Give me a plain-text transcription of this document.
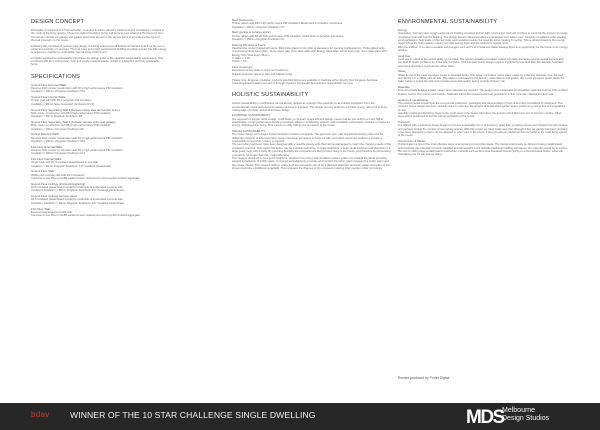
DESIGN CONCEPT

Orientation is paramount. A 'thermal buffer' of service functions (laundry, bathrooms and circulation) is located to the south of the living spaces. These two distinct functions (living and services) are what give the house its form. The tandem double car garage and garden shed wrap around to the service spine to provide another type of thermal protection to the house.

Following the principles of passive solar design, the living spaces and all bedrooms harness heat from the sun in winter and exclude it in summer. Thermal mass and a high performance building envelope ensure that little energy is required to maintain a comfortable internal living environment.

A holistic approach to sustainability has driven the design (refer to the separate sustainability explanation). This, combined with the contemporary form and simple material palette, results in a beautiful and truly sustainable home.

SPECIFICATIONS

Ground Floor External Walls:

Reverse brick veneer construction with R7.2 high performance PIR insulation.

Insulation = 100mm Kingspan Kooltherm K12.

Ground Floor Internal Walls:

Timber stud wall with R1.0 polyester batt insulation

Insulation = 90mm Autex Greenstuf (Ambience R1.5).

Ground Floor Separating Wall 1 (between living area and service spine):

Brick cavity construction with R8.6 high performance PIR insulation.

Insulation = 80mm Kingspan Kooltherm K8.

Ground Floor Separating Wall 2 (between service spine and garage):

Brick cavity construction with R5.0 high performance PIR insulation.

Insulation = 100mm Kingspan Kooltherm K8.

Garage External Walls:

Reverse brick veneer construction with R7.2 high performance PIR insulation.

Insulation = 100mm Kingspan Kooltherm K12.

First Floor External Walls:

Reverse brick veneer construction with R7.2 high performance PIR insulation.

Insulation = 100mm Kingspan Kooltherm K12.

First Floor Internal Walls:

Single brick with R1.5 insulated plasterboard to one side.

Insulation = 30mm Kingspan Kooltherm K17 insulated plasterboard.

Ground Floor Slab:

Waffle pod concrete slab with R1.0 insulation.

Concrete to use PFA or GGBS partial cement replacement and recycled crushed aggregate.

Ground Floor Ceilings (kitchen/dining/living):

R3.5 insulated plasterboard bonded to underside of suspended concrete slab.

Insulation: Insulation = 80mm Kingspan Kooltherm K17 insulated plasterboard.

Ground Floor Ceilings (service spine):

R1.5 insulated plasterboard bonded to underside of suspended concrete slab.

Insulation: Insulation = 30mm Kingspan Kooltherm K17 insulated plasterboard.

First Floor Slab:

Exposed suspended concrete slab.

Concrete to use PFA or GGBS partial cement replacement and recycled crushed aggregate.

Roof (bedrooms):

Timber rafters with R8.2 high performance PIR insulation. Metal deck on breather membrane.

Insulation = 160mm Kingspan Kooltherm K7.

Roof (garage & services spine):

Timber rafters with R6.20 high performance PIR insulation. Metal deck on breather membrane.

Insulation = 150mm Kingspan Kooltherm K7.

External Windows & Doors:

Paarhammer timber framed with argon filled triple glazed units (refer to elevations for opening configurations). Triple glazed units comprised of 4mm clear glass, 12mm argon gap, 4mm clear glass with Energy Advantage 12mm argon gap, 4mm clear glass with Energy 500 (Total depth 36mm).

U-Value = 1.01

SHGC = 0.6

Floor Coverings:

Exposed concrete slabs to living and bedrooms.

Natural wool loop carpet to stair and hallway (only).

Please note: Kingspan insulation products specified above are available in Australia either directly from Kingspan Australia (www.kingspaninsulation.com.au) or through Dynamic Composite Technologies (www.dctech.com.au).

HOLISTIC SUSTAINABILITY

Holistic sustainability in architecture can be loosely defined as a design that responds to, and draws inspiration from, the environmental, social and economic factors inherent in a project. This design not only achieves a 10 Star energy rating but is at the cutting edge of holistic sustainable house design.

ECONOMIC SUSTAINABILITY

Our approach is simple: build smaller - build better. A compact, space efficient design means that we can build to a much higher specification. A high performance building envelope, efficient conditioning systems and renewable technologies combine to create an energy neutral/positive home. This means no utility bills for the occupants of the house.

SOCIAL SUSTAINABILITY

The house design encourages social interaction between occupants. The generous open plan living/kitchen/dining area and the deliberate omission of a second living space encourage occupants to hang out with each other. Generous bedrooms provide a comfortable retreat when privacy is required.

The secondary bedrooms have been designed with moveable joinery units that can be rearranged to match the changing needs of the occupants overtime. This means the space can be 2 double bedrooms, 3 single bedrooms, a large single bedroom and playroom or a large guest room with a study. By providing flexibility the occupants are likely to keep living in the house, and therefore its surrounding community, for longer than they might otherwise.

The house is designed to be a good neighbour. Windows from living and circulation spaces spawn out towards the street providing passive surveillance of public space. A covered verandah/entry provides an important transition space between the public realm and the private interior. This covered outdoor space is where occupants can sit on a pleasant afternoon and seek social connection to the street (much like a traditional verandah). This increases the chances of the occupants creating other people in their community.

ENVIRONMENTAL SUSTAINABILITY

Energy:

Orientation, thermal mass, a high performance building envelope and air tight construction methods combine to minimise the amount of energy required to heat and cool the building. The design favours natural conditioning strategies over active ones. Carefully considered solar shading, cross-ventilation, high levels of thermal mass and insulation reduce the need for active heating & cooling. This is demonstrated in the energy report where the living spaces require very little energy input and the bedrooms require none.

With the addition of on-site renewable technologies such as PV and Solar Hot Water Heating there is an opportunity for the house to be energy positive.

Land Use:

Land use is critical to the sustainability of our cities. The typical sprawling Australian suburb can have damaging environmental impacts and can lead to health problems for those who live there. This compact house design requires significantly less land than the average Australian new home allowing a much denser urban fabric.

Water:

Water is one of the most important issues in Australia today. This design minimises mains water usage by collecting rainwater from the roof and storing it in a 3900L tank on site. This water is reticulated to the laundry, toilet cisterns and garden tap. A roof top eaves gutter clears the water before it enters the tank and provides some attenuation during periods of heavy rain.

Materials:

Environmentally building smaller means less materials are required. The design uses sustainable and healthier materials such as FSC certified timbers, low/no VOC paints and finishes. Materials will be left exposed wherever possible to further minimise material use and cost.

Gardens & Landscaping:

The environmental impact from the commercial production, packaging and transportation of food is not often considered by designers. This compact house design has been carefully sited to maximise the amount of undisturbed garden space perfect for growing fruit and vegetables on site.

Carefully positioned deciduous trees to the south-west of the house will reduce the amount of hot afternoon sun in summer months. Other trees will be positioned to aid the natural ventilation of the house.

Transport:

It is difficult with a suburban house design to promote sustainable forms of transport, other than providing secure and sheltered bicycle storage, and perhaps limiting the number of car parking spaces. With this project we have made sure that although a two car garage has been provided it has been designed so that it can be adapted to other uses in the future. It also provides an additional thermal buffer to the main living spaces of the house.

Construction & Waste:

Prefabrication is one of the most effective ways of minimising construction waste. The design could easily be delivered using prefabricated units however the materials currently specified and frameworks move towards traditional building techniques. Our intention would be to explore the use of cutting edge prefabricated construction methods such as Structural Insulated Panels (SIPS) or cross-laminated timber, while still maintaining the 10 star energy rating.

Render produced by Porter Digital
bdav WINNER OF THE 10 STAR CHALLENGE SINGLE DWELLING	MDS
Melbourne
Design Studios
